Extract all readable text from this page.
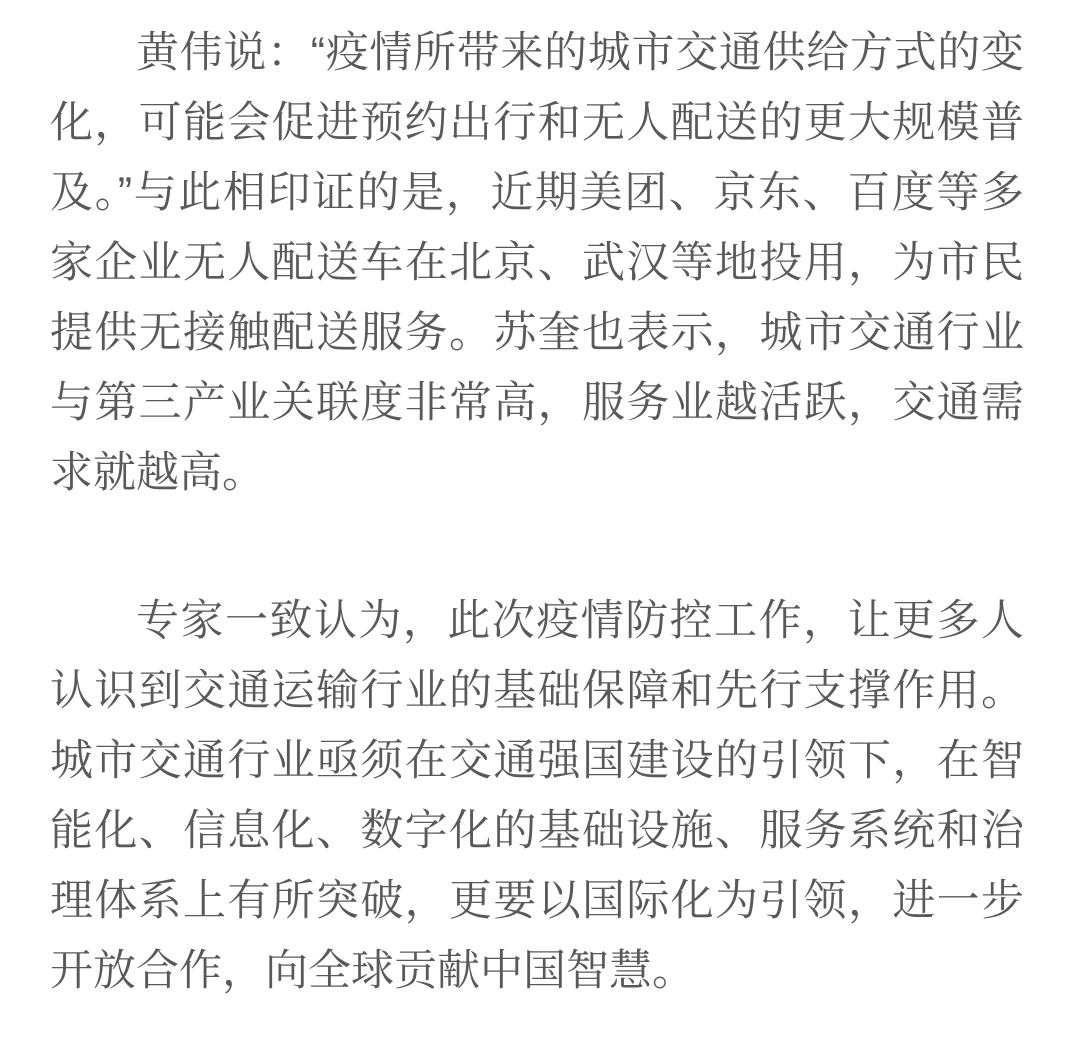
黄伟说：“疫情所带来的城市交通供给方式的变化，可能会促进预约出行和无人配送的更大规模普及。”与此相印证的是，近期美团、京东、百度等多家企业无人配送车在北京、武汉等地投用，为市民提供无接触配送服务。苏奎也表示，城市交通行业与第三产业关联度非常高，服务业越活跃，交通需求就越高。

专家一致认为，此次疫情防控工作，让更多人认识到交通运输行业的基础保障和先行支撑作用。城市交通行业亟须在交通强国建设的引领下，在智能化、信息化、数字化的基础设施、服务系统和治理体系上有所突破，更要以国际化为引领，进一步开放合作，向全球贡献中国智慧。
